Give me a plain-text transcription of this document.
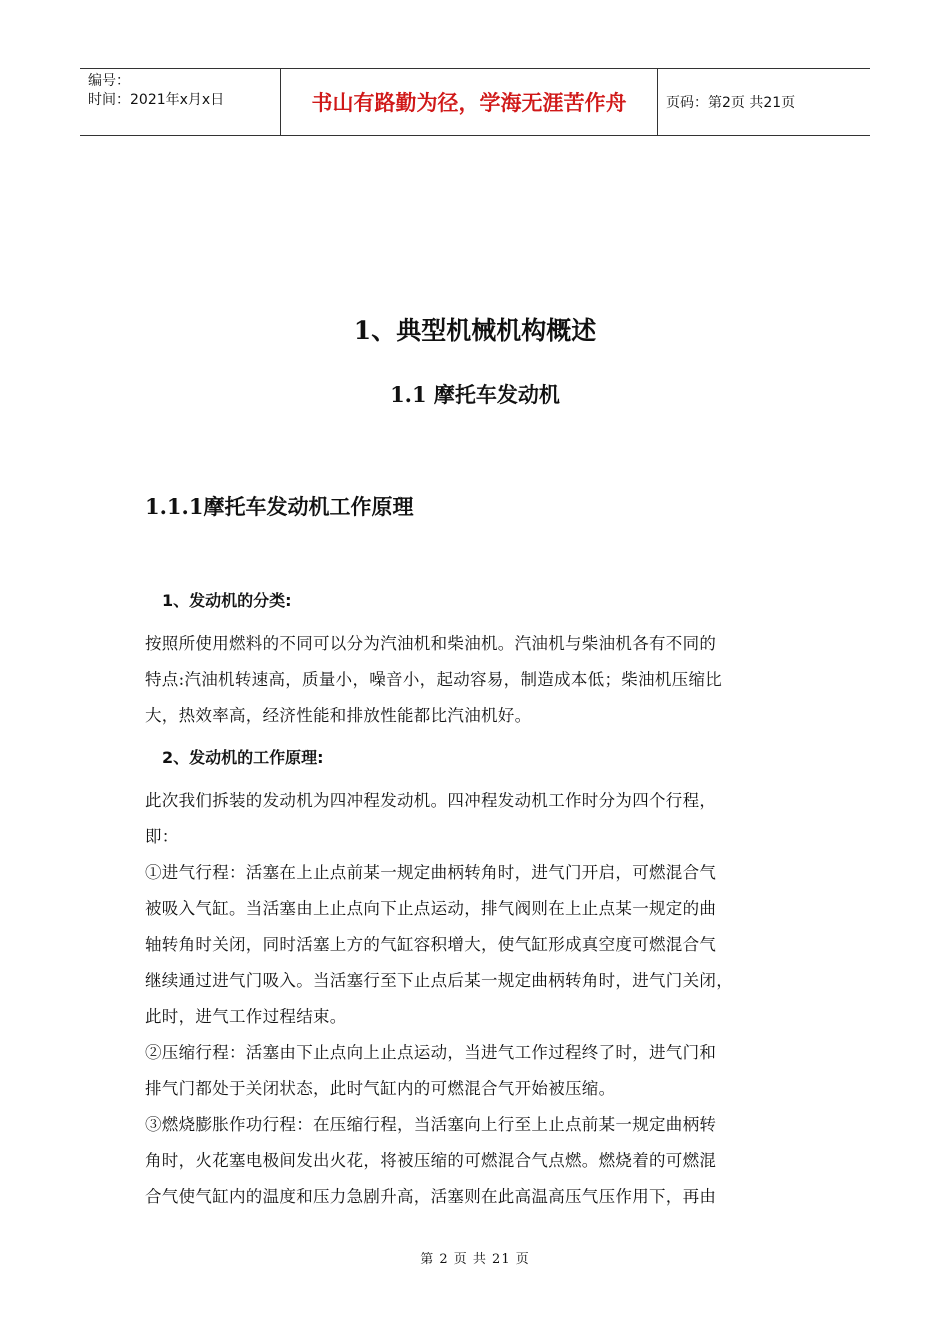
编号：
时间：2021年x月x日	书山有路勤为径，学海无涯苦作舟	页码：第2页 共21页
1、典型机械机构概述
1.1 摩托车发动机
1.1.1摩托车发动机工作原理
1、发动机的分类:
按照所使用燃料的不同可以分为汽油机和柴油机。汽油机与柴油机各有不同的
特点:汽油机转速高，质量小，噪音小，起动容易，制造成本低；柴油机压缩比
大，热效率高，经济性能和排放性能都比汽油机好。
2、发动机的工作原理:
此次我们拆装的发动机为四冲程发动机。四冲程发动机工作时分为四个行程，
即：
①进气行程：活塞在上止点前某一规定曲柄转角时，进气门开启，可燃混合气
被吸入气缸。当活塞由上止点向下止点运动，排气阀则在上止点某一规定的曲
轴转角时关闭，同时活塞上方的气缸容积增大，使气缸形成真空度可燃混合气
继续通过进气门吸入。当活塞行至下止点后某一规定曲柄转角时，进气门关闭，
此时，进气工作过程结束。
②压缩行程：活塞由下止点向上止点运动，当进气工作过程终了时，进气门和
排气门都处于关闭状态，此时气缸内的可燃混合气开始被压缩。
③燃烧膨胀作功行程：在压缩行程，当活塞向上行至上止点前某一规定曲柄转
角时，火花塞电极间发出火花，将被压缩的可燃混合气点燃。燃烧着的可燃混
合气使气缸内的温度和压力急剧升高，活塞则在此高温高压气压作用下，再由
第 2 页 共 21 页
